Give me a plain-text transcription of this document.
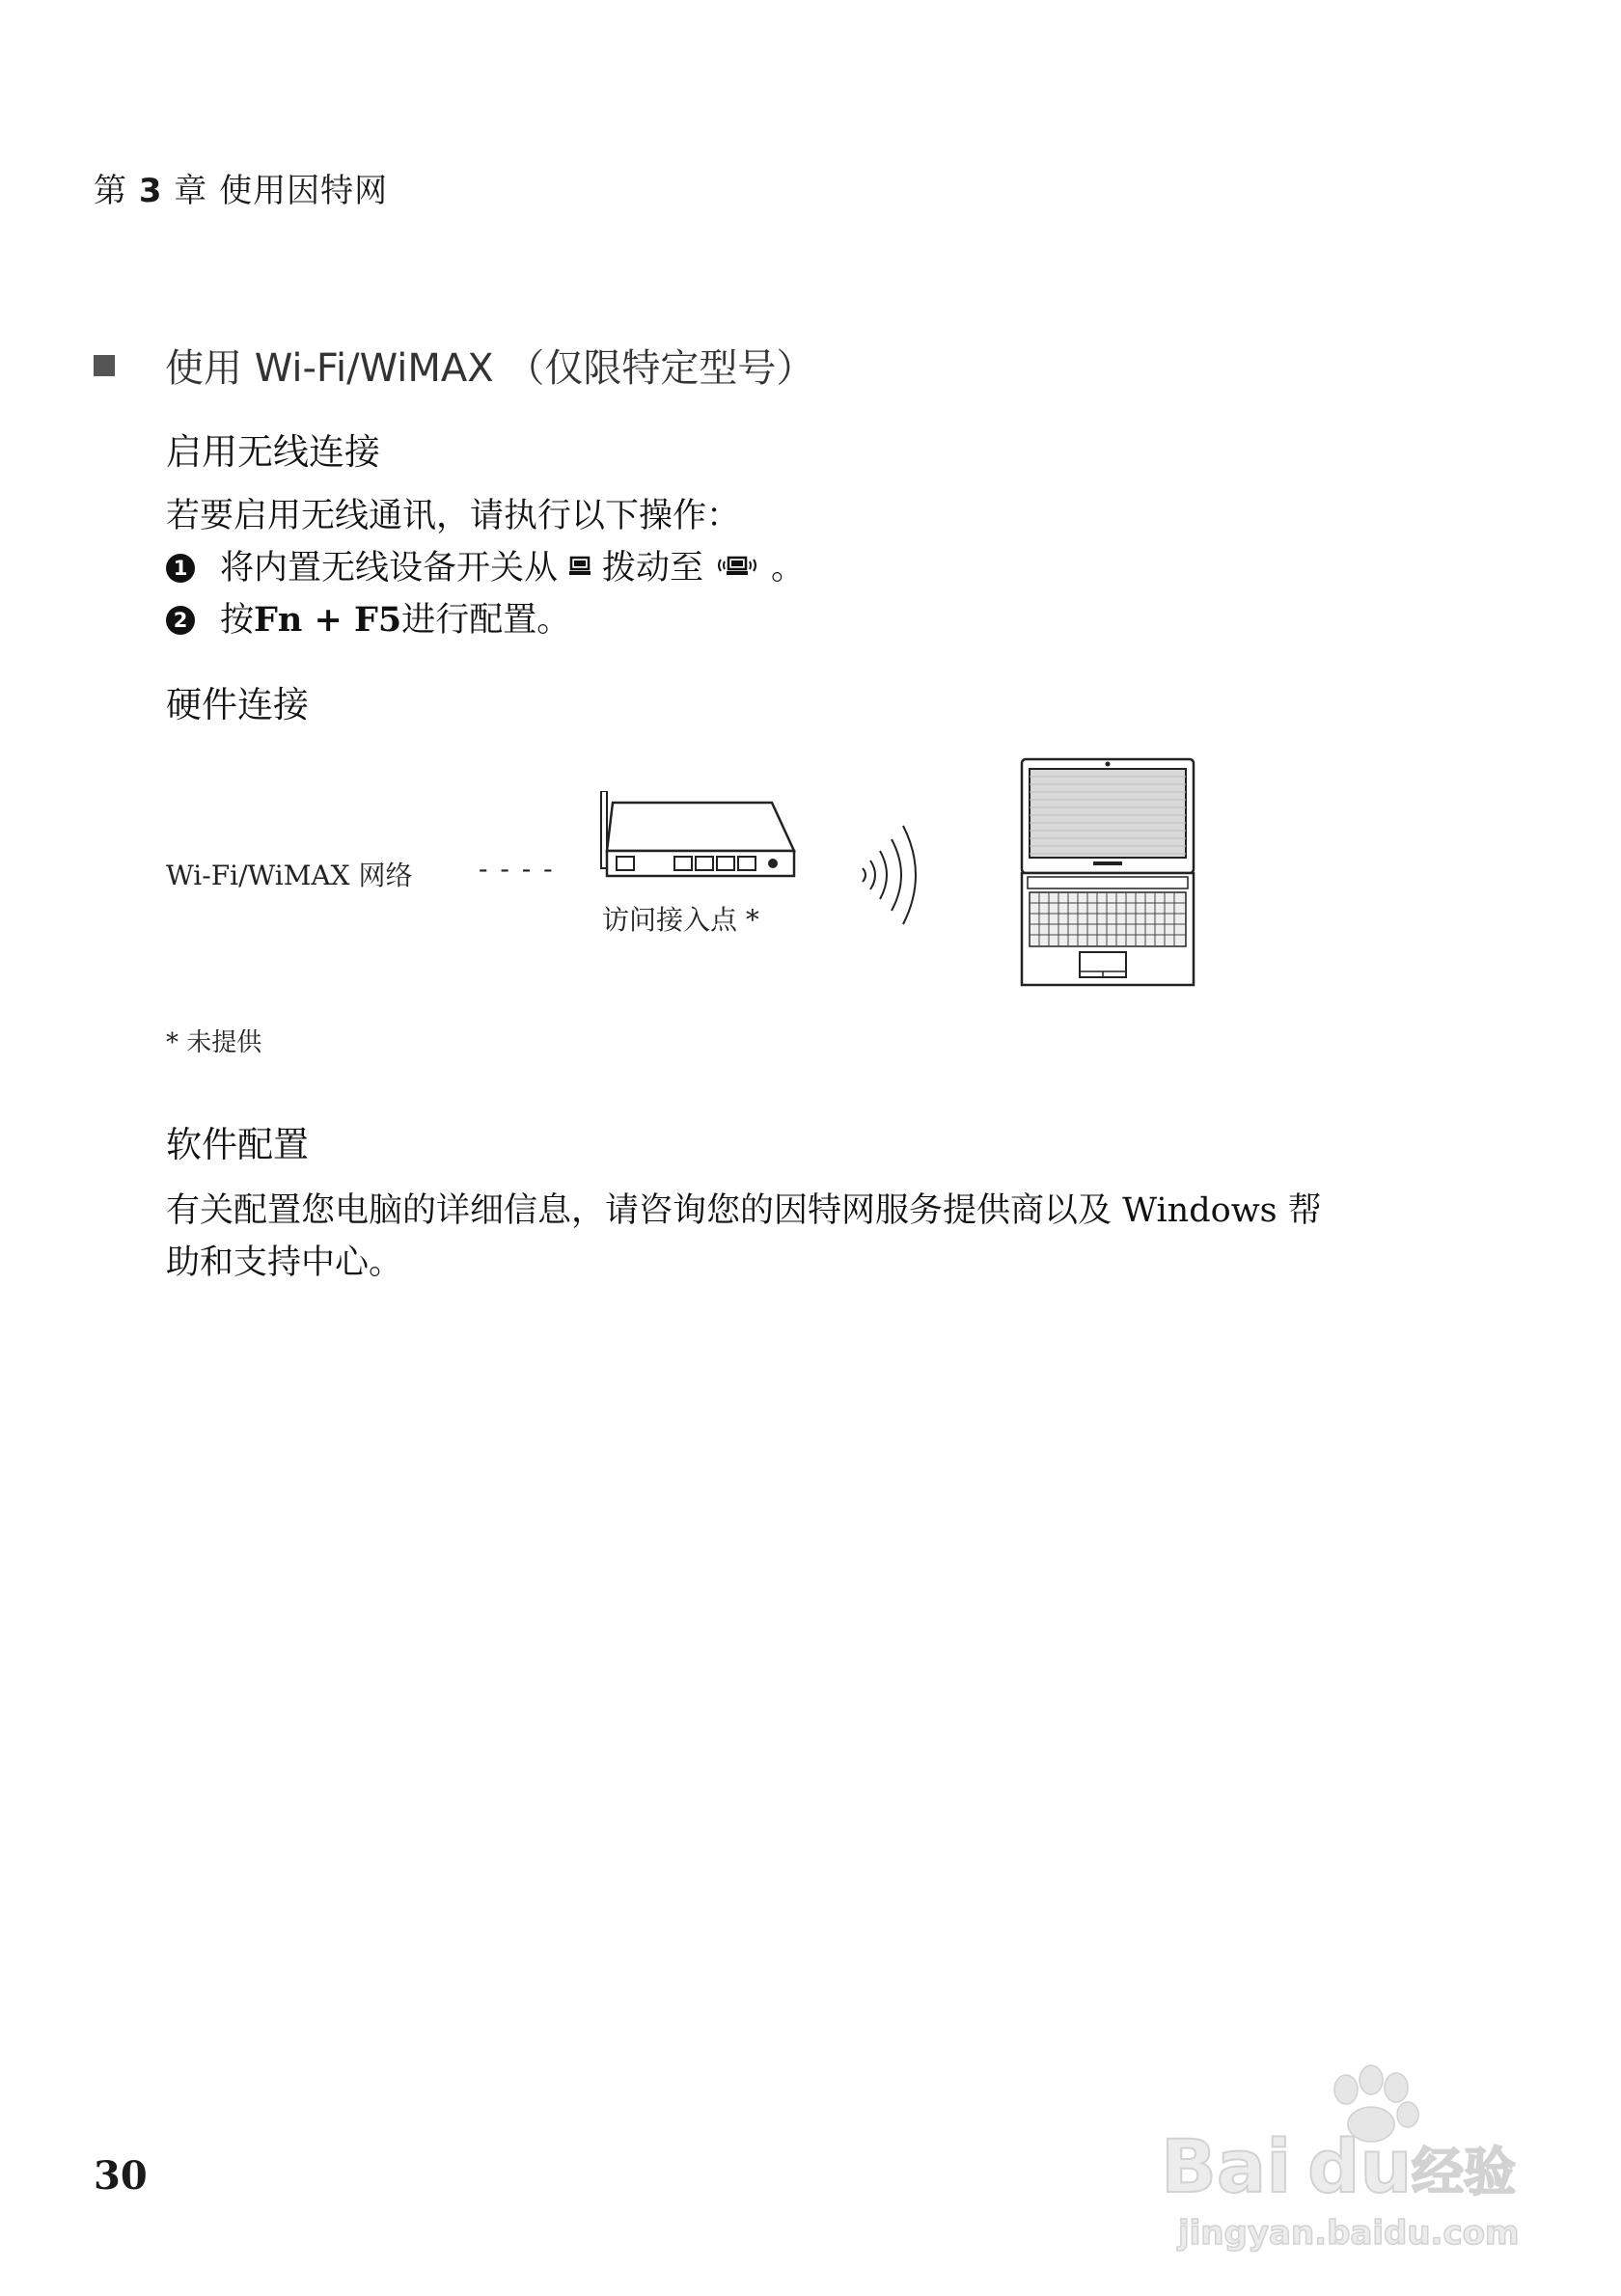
第 3 章 使用因特网
使用 Wi-Fi/WiMAX （仅限特定型号）
启用无线连接
若要启用无线通讯，请执行以下操作：
1 将内置无线设备开关从 拨动至 。
2 按 Fn + F5 进行配置。
硬件连接
Wi-Fi/WiMAX 网络 - - - -
访问接入点 *
* 未提供
软件配置
有关配置您电脑的详细信息，请咨询您的因特网服务提供商以及 Windows 帮
助和支持中心。
30	Bai du 经验
jingyan.baidu.com
